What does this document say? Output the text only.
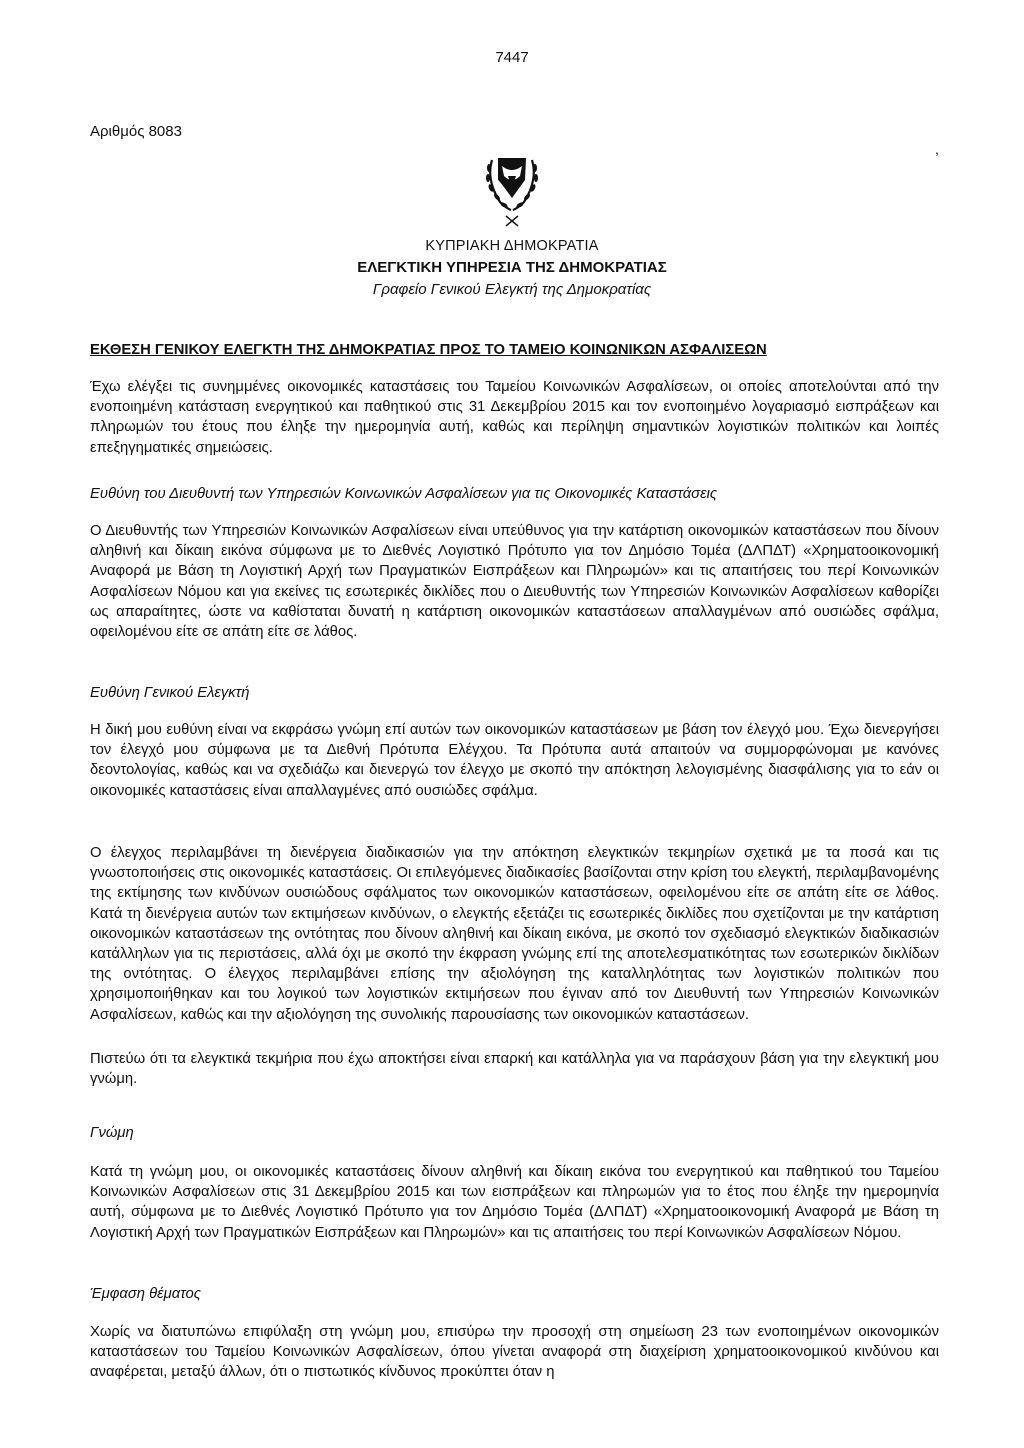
7447
Αριθμός 8083
,
ΚΥΠΡΙΑΚΗ ΔΗΜΟΚΡΑΤΙΑ
ΕΛΕΓΚΤΙΚΗ ΥΠΗΡΕΣΙΑ ΤΗΣ ΔΗΜΟΚΡΑΤΙΑΣ
Γραφείο Γενικού Ελεγκτή της Δημοκρατίας
ΕΚΘΕΣΗ ΓΕΝΙΚΟΥ ΕΛΕΓΚΤΗ ΤΗΣ ΔΗΜΟΚΡΑΤΙΑΣ ΠΡΟΣ ΤΟ ΤΑΜΕΙΟ ΚΟΙΝΩΝΙΚΩΝ ΑΣΦΑΛΙΣΕΩΝ

Έχω ελέγξει τις συνημμένες οικονομικές καταστάσεις του Ταμείου Κοινωνικών Ασφαλίσεων, οι οποίες αποτελούνται από την ενοποιημένη κατάσταση ενεργητικού και παθητικού στις 31 Δεκεμβρίου 2015 και τον ενοποιημένο λογαριασμό εισπράξεων και πληρωμών του έτους που έληξε την ημερομηνία αυτή, καθώς και περίληψη σημαντικών λογιστικών πολιτικών και λοιπές επεξηγηματικές σημειώσεις.

Ευθύνη του Διευθυντή των Υπηρεσιών Κοινωνικών Ασφαλίσεων για τις Οικονομικές Καταστάσεις

Ο Διευθυντής των Υπηρεσιών Κοινωνικών Ασφαλίσεων είναι υπεύθυνος για την κατάρτιση οικονομικών καταστάσεων που δίνουν αληθινή και δίκαιη εικόνα σύμφωνα με το Διεθνές Λογιστικό Πρότυπο για τον Δημόσιο Τομέα (ΔΛΠΔΤ) «Χρηματοοικονομική Αναφορά με Βάση τη Λογιστική Αρχή των Πραγματικών Εισπράξεων και Πληρωμών» και τις απαιτήσεις του περί Κοινωνικών Ασφαλίσεων Νόμου και για εκείνες τις εσωτερικές δικλίδες που ο Διευθυντής των Υπηρεσιών Κοινωνικών Ασφαλίσεων καθορίζει ως απαραίτητες, ώστε να καθίσταται δυνατή η κατάρτιση οικονομικών καταστάσεων απαλλαγμένων από ουσιώδες σφάλμα, οφειλομένου είτε σε απάτη είτε σε λάθος.

Ευθύνη Γενικού Ελεγκτή

Η δική μου ευθύνη είναι να εκφράσω γνώμη επί αυτών των οικονομικών καταστάσεων με βάση τον έλεγχό μου. Έχω διενεργήσει τον έλεγχό μου σύμφωνα με τα Διεθνή Πρότυπα Ελέγχου. Τα Πρότυπα αυτά απαιτούν να συμμορφώνομαι με κανόνες δεοντολογίας, καθώς και να σχεδιάζω και διενεργώ τον έλεγχο με σκοπό την απόκτηση λελογισμένης διασφάλισης για το εάν οι οικονομικές καταστάσεις είναι απαλλαγμένες από ουσιώδες σφάλμα.

Ο έλεγχος περιλαμβάνει τη διενέργεια διαδικασιών για την απόκτηση ελεγκτικών τεκμηρίων σχετικά με τα ποσά και τις γνωστοποιήσεις στις οικονομικές καταστάσεις. Οι επιλεγόμενες διαδικασίες βασίζονται στην κρίση του ελεγκτή, περιλαμβανομένης της εκτίμησης των κινδύνων ουσιώδους σφάλματος των οικονομικών καταστάσεων, οφειλομένου είτε σε απάτη είτε σε λάθος. Κατά τη διενέργεια αυτών των εκτιμήσεων κινδύνων, ο ελεγκτής εξετάζει τις εσωτερικές δικλίδες που σχετίζονται με την κατάρτιση οικονομικών καταστάσεων της οντότητας που δίνουν αληθινή και δίκαιη εικόνα, με σκοπό τον σχεδιασμό ελεγκτικών διαδικασιών κατάλληλων για τις περιστάσεις, αλλά όχι με σκοπό την έκφραση γνώμης επί της αποτελεσματικότητας των εσωτερικών δικλίδων της οντότητας. Ο έλεγχος περιλαμβάνει επίσης την αξιολόγηση της καταλληλότητας των λογιστικών πολιτικών που χρησιμοποιήθηκαν και του λογικού των λογιστικών εκτιμήσεων που έγιναν από τον Διευθυντή των Υπηρεσιών Κοινωνικών Ασφαλίσεων, καθώς και την αξιολόγηση της συνολικής παρουσίασης των οικονομικών καταστάσεων.

Πιστεύω ότι τα ελεγκτικά τεκμήρια που έχω αποκτήσει είναι επαρκή και κατάλληλα για να παράσχουν βάση για την ελεγκτική μου γνώμη.

Γνώμη

Κατά τη γνώμη μου, οι οικονομικές καταστάσεις δίνουν αληθινή και δίκαιη εικόνα του ενεργητικού και παθητικού του Ταμείου Κοινωνικών Ασφαλίσεων στις 31 Δεκεμβρίου 2015 και των εισπράξεων και πληρωμών για το έτος που έληξε την ημερομηνία αυτή, σύμφωνα με το Διεθνές Λογιστικό Πρότυπο για τον Δημόσιο Τομέα (ΔΛΠΔΤ) «Χρηματοοικονομική Αναφορά με Βάση τη Λογιστική Αρχή των Πραγματικών Εισπράξεων και Πληρωμών» και τις απαιτήσεις του περί Κοινωνικών Ασφαλίσεων Νόμου.

Έμφαση θέματος

Χωρίς να διατυπώνω επιφύλαξη στη γνώμη μου, επισύρω την προσοχή στη σημείωση 23 των ενοποιημένων οικονομικών καταστάσεων του Ταμείου Κοινωνικών Ασφαλίσεων, όπου γίνεται αναφορά στη διαχείριση χρηματοοικονομικού κινδύνου και αναφέρεται, μεταξύ άλλων, ότι ο πιστωτικός κίνδυνος προκύπτει όταν η
